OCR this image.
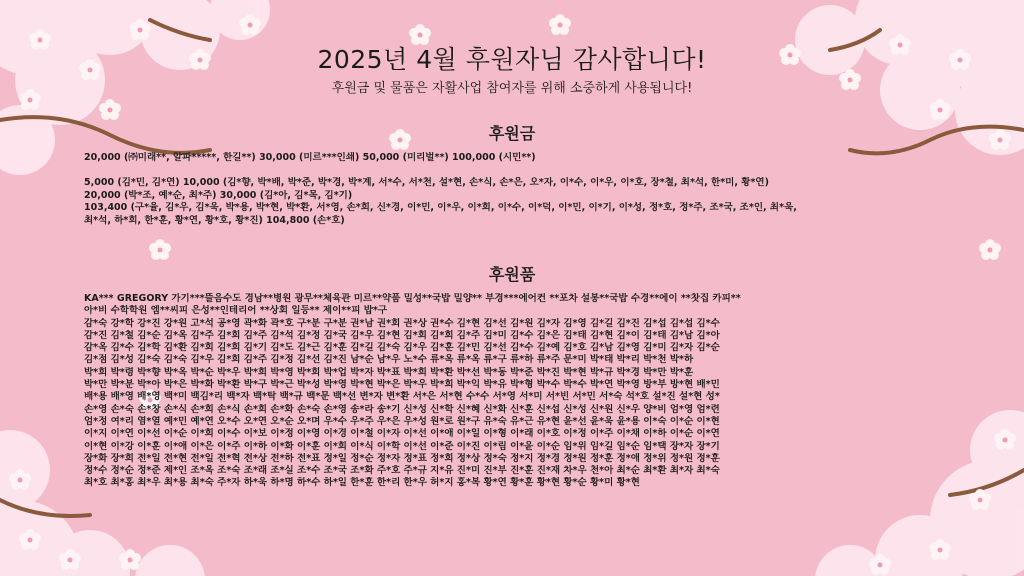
2025년 4월 후원자님 감사합니다!
후원금 및 물품은 자활사업 참여자를 위해 소중하게 사용됩니다!
후원금
20,000 (㈜미래**, 알파*****, 한길**) 30,000 (미르***인쇄) 50,000 (미리벌**) 100,000 (시민**)

5,000 (김*민, 김*연) 10,000 (김*향, 박*배, 박*준, 박*경, 박*계, 서*수, 서*천, 설*현, 손*식, 손*은, 오*자, 이*수, 이*우, 이*호, 장*철, 최*석, 한*미, 황*연)
20,000 (박*조, 예*순, 최*주) 30,000 (김*아, 김*목, 김*기)
103,400 (구*율, 김*우, 김*욱, 박*용, 박*현, 박*환, 서*영, 손*희, 신*경, 이*민, 이*우, 이*희, 이*수, 이*덕, 이*민, 이*기, 이*성, 정*호, 정*주, 조*국, 조*인, 최*욱,
최*석, 하*희, 한*훈, 황*연, 황*호, 황*진) 104,800 (손*호)
후원품
KA*** GREGORY 가기***뜰음수도 경남**병원 광무**체육관 미르**약품 밀성**국밥 밀양** 부경***에어컨 **포차 설봉**국밥 수경**에이 **찻집 카피**
아*비 수학학원 엠**씨피 은성**인테리어 **상회 일등** 제이**피 밥*구
감*숙 강*학 강*진 강*원 고*석 공*영 곽*화 곽*호 구*분 구*분 권*남 권*희 권*상 권*수 김*현 김*선 김*원 김*자 김*영 김*길 김*진 김*섭 김*섭 김*수
감*진 김*철 김*순 김*옥 김*주 김*희 김*주 김*석 김*정 김*국 김*우 김*현 김*희 김*희 김*주 김*미 김*수 김*은 김*태 김*현 김*이 김*태 김*남 김*아
감*옥 김*수 김*학 김*환 김*희 김*희 김*기 김*도 김*근 김*훈 김*길 김*숙 김*우 김*훈 김*민 김*선 김*수 김*예 김*호 김*남 김*영 김*미 김*자 김*순
김*점 김*성 김*숙 김*숙 김*우 김*희 김*주 김*정 김*선 김*진 남*순 남*우 노*수 류*옥 류*옥 류*구 류*하 류*주 문*미 박*태 박*리 박*천 박*하
박*희 박*령 박*향 박*옥 박*순 박*우 박*희 박*영 박*희 박*업 박*자 박*표 박*희 박*환 박*선 박*동 박*준 박*진 박*현 박*규 박*경 박*만 박*훈
박*만 박*분 박*아 박*은 박*화 박*환 박*구 박*근 박*성 박*영 박*현 박*은 박*우 박*희 박*익 박*유 박*형 박*수 박*수 박*연 박*영 방*부 방*현 배*민
배*용 배*영 배*영 백*미 백김*리 백*자 백*탁 백*규 백*문 백*선 변*자 변*환 서*은 서*현 수*수 서*영 서*미 서*빈 서*민 서*숙 석*호 설*진 설*현 성*
손*영 손*숙 손*창 손*식 손*희 손*식 손*희 손*화 손*숙 손*영 송*라 송*기 신*성 신*학 신*혜 신*화 신*훈 신*섭 신*성 신*원 신*우 양*비 엄*영 엄*련
엄*정 여*리 염*열 예*민 예*연 오*수 오*연 오*순 오*며 우*수 우*주 우*은 우*성 원*로 원*구 유*숙 유*근 유*현 윤*선 윤*욱 윤*용 이*숙 이*순 이*현
이*지 이*연 이*선 이*순 이*희 이*수 이*보 이*정 이*영 이*경 이*철 이*자 이*선 이*애 이*일 이*형 이*래 이*호 이*정 이*주 이*채 이*하 이*순 이*연
이*현 이*강 이*훈 이*애 이*은 이*주 이*하 이*화 이*훈 이*희 이*식 이*학 이*선 이*준 이*진 이*림 이*윤 이*순 임*위 임*길 임*순 임*택 장*자 장*기
장*화 장*희 전*일 전*현 전*일 전*혁 전*상 전*하 전*표 정*일 정*순 정*자 정*표 정*희 정*상 정*숙 정*지 정*경 정*원 정*훈 정*애 정*위 정*원 정*훈
정*수 정*순 정*준 제*인 조*옥 조*숙 조*래 조*실 조*수 조*국 조*화 주*호 주*규 지*유 진*미 진*부 진*훈 진*재 차*우 천*아 최*순 최*환 최*자 최*숙
최*호 최*홍 최*우 최*용 최*숙 주*자 하*욱 하*명 하*수 하*일 한*훈 한*리 한*우 허*지 홍*복 황*연 황*훈 황*현 황*순 황*미 황*현
